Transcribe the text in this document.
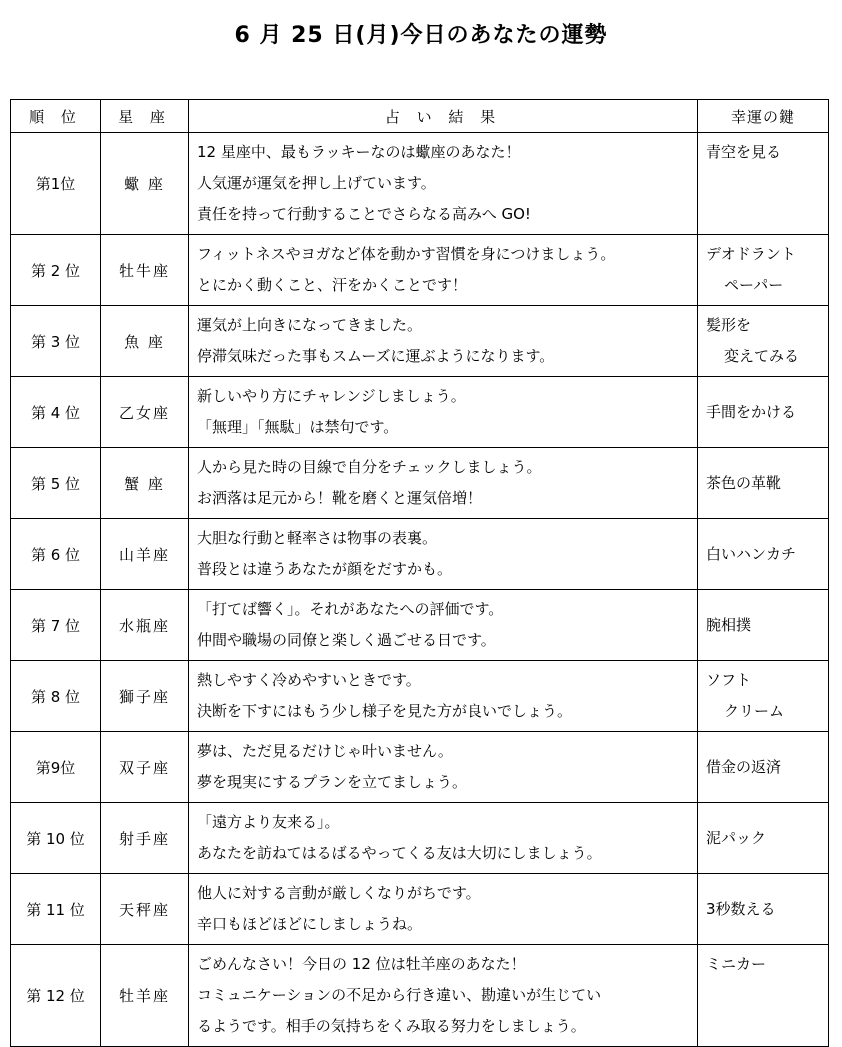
6 月 25 日(月)今日のあなたの運勢
順 位	星 座	占 い 結 果	幸運の鍵
第1位	蠍 座	12 星座中、最もラッキーなのは蠍座のあなた！
人気運が運気を押し上げています。
責任を持って行動することでさらなる高みへ GO!	青空を見る

第 2 位	牡牛座	フィットネスやヨガなど体を動かす習慣を身につけましょう。
とにかく動くこと、汗をかくことです！	デオドラント
ペーパー

第 3 位	魚 座	運気が上向きになってきました。
停滞気味だった事もスムーズに運ぶようになります。	髪形を
変えてみる

第 4 位	乙女座	新しいやり方にチャレンジしましょう。
「無理」「無駄」は禁句です。	手間をかける

第 5 位	蟹 座	人から見た時の目線で自分をチェックしましょう。
お洒落は足元から！靴を磨くと運気倍増！	茶色の革靴

第 6 位	山羊座	大胆な行動と軽率さは物事の表裏。
普段とは違うあなたが顔をだすかも。	白いハンカチ

第 7 位	水瓶座	「打てば響く」。それがあなたへの評価です。
仲間や職場の同僚と楽しく過ごせる日です。	腕相撲

第 8 位	獅子座	熱しやすく冷めやすいときです。
決断を下すにはもう少し様子を見た方が良いでしょう。	ソフト
クリーム

第9位	双子座	夢は、ただ見るだけじゃ叶いません。
夢を現実にするプランを立てましょう。	借金の返済

第 10 位	射手座	「遠方より友来る」。
あなたを訪ねてはるばるやってくる友は大切にしましょう。	泥パック

第 11 位	天秤座	他人に対する言動が厳しくなりがちです。
辛口もほどほどにしましょうね。	3秒数える

第 12 位	牡羊座	ごめんなさい！今日の 12 位は牡羊座のあなた！
コミュニケーションの不足から行き違い、勘違いが生じてい
るようです。相手の気持ちをくみ取る努力をしましょう。	ミニカー
